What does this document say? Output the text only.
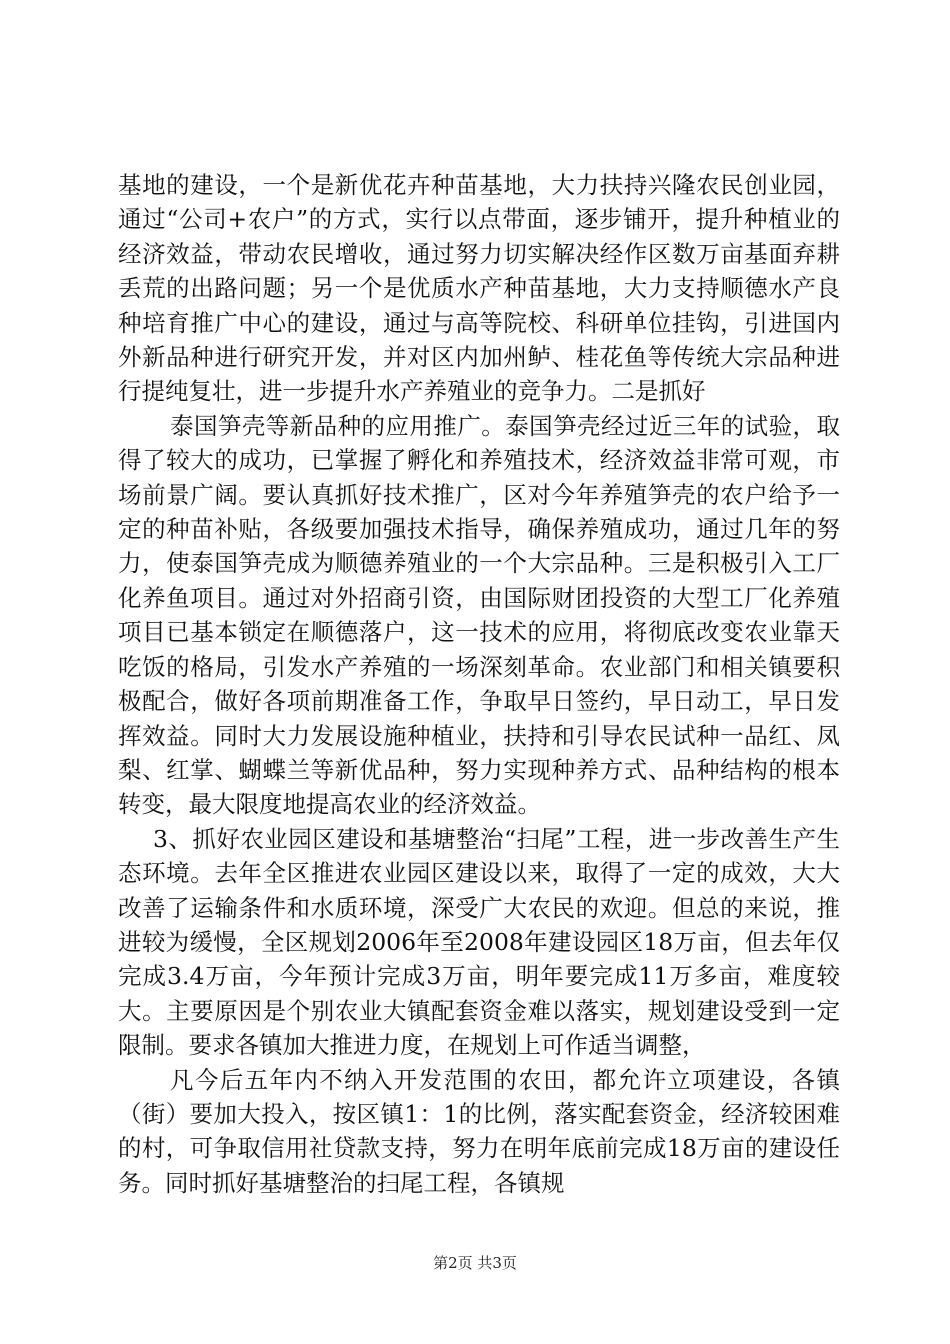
基地的建设，一个是新优花卉种苗基地，大力扶持兴隆农民创业园，通过“公司+农户”的方式，实行以点带面，逐步铺开，提升种植业的经济效益，带动农民增收，通过努力切实解决经作区数万亩基面弃耕丢荒的出路问题；另一个是优质水产种苗基地，大力支持顺德水产良种培育推广中心的建设，通过与高等院校、科研单位挂钩，引进国内外新品种进行研究开发，并对区内加州鲈、桂花鱼等传统大宗品种进行提纯复壮，进一步提升水产养殖业的竞争力。二是抓好

泰国笋壳等新品种的应用推广。泰国笋壳经过近三年的试验，取得了较大的成功，已掌握了孵化和养殖技术，经济效益非常可观，市场前景广阔。要认真抓好技术推广，区对今年养殖笋壳的农户给予一定的种苗补贴，各级要加强技术指导，确保养殖成功，通过几年的努力，使泰国笋壳成为顺德养殖业的一个大宗品种。三是积极引入工厂化养鱼项目。通过对外招商引资，由国际财团投资的大型工厂化养殖项目已基本锁定在顺德落户，这一技术的应用，将彻底改变农业靠天吃饭的格局，引发水产养殖的一场深刻革命。农业部门和相关镇要积极配合，做好各项前期准备工作，争取早日签约，早日动工，早日发挥效益。同时大力发展设施种植业，扶持和引导农民试种一品红、凤梨、红掌、蝴蝶兰等新优品种，努力实现种养方式、品种结构的根本转变，最大限度地提高农业的经济效益。

3、抓好农业园区建设和基塘整治“扫尾”工程，进一步改善生产生态环境。去年全区推进农业园区建设以来，取得了一定的成效，大大改善了运输条件和水质环境，深受广大农民的欢迎。但总的来说，推进较为缓慢，全区规划2006年至2008年建设园区18万亩，但去年仅完成3.4万亩，今年预计完成3万亩，明年要完成11万多亩，难度较大。主要原因是个别农业大镇配套资金难以落实，规划建设受到一定限制。要求各镇加大推进力度，在规划上可作适当调整，

凡今后五年内不纳入开发范围的农田，都允许立项建设，各镇（街）要加大投入，按区镇1：1的比例，落实配套资金，经济较困难的村，可争取信用社贷款支持，努力在明年底前完成18万亩的建设任务。同时抓好基塘整治的扫尾工程，各镇规

第2页 共3页
